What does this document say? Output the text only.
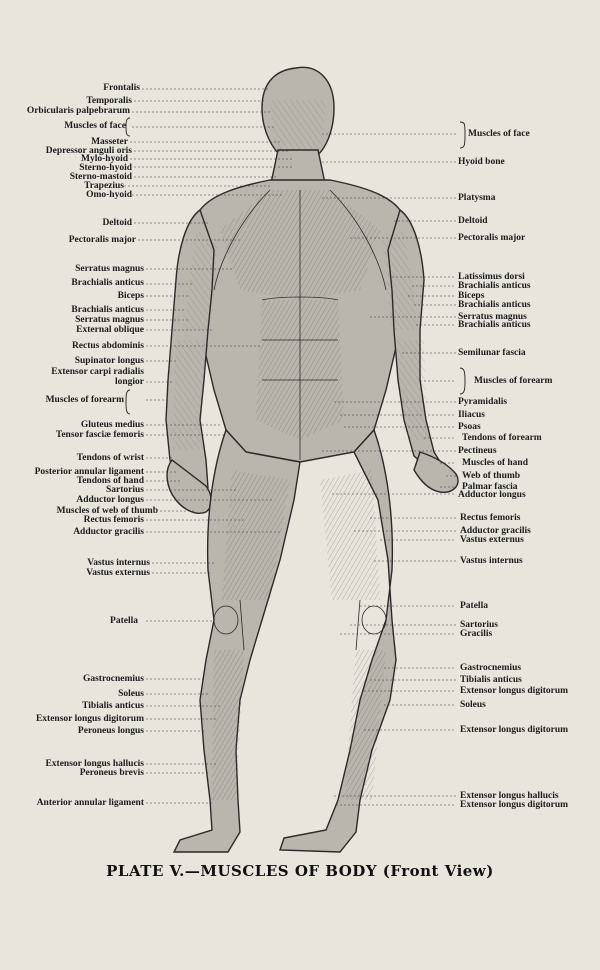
Frontalis
Temporalis
Orbicularis palpebrarum
Muscles of face
Masseter
Depressor anguli oris
Mylo-hyoid
Sterno-hyoid
Sterno-mastoid
Trapezius
Omo-hyoid
Deltoid
Pectoralis major
Serratus magnus
Brachialis anticus
Biceps
Brachialis anticus
Serratus magnus
External oblique
Rectus abdominis
Supinator longus
Extensor carpi radialis
longior
Muscles of forearm
Gluteus medius
Tensor fasciæ femoris
Tendons of wrist
Posterior annular ligament
Tendons of hand
Sartorius
Adductor longus
Muscles of web of thumb
Rectus femoris
Adductor gracilis
Vastus internus
Vastus externus
Patella
Gastrocnemius
Soleus
Tibialis anticus
Extensor longus digitorum
Peroneus longus
Extensor longus hallucis
Peroneus brevis
Anterior annular ligament
Muscles of face
Hyoid bone
Platysma
Deltoid
Pectoralis major
Latissimus dorsi
Brachialis anticus
Biceps
Brachialis anticus
Serratus magnus
Brachialis anticus
Semilunar fascia
Muscles of forearm
Pyramidalis
Iliacus
Psoas
Tendons of forearm
Pectineus
Muscles of hand
Web of thumb
Palmar fascia
Adductor longus
Rectus femoris
Adductor gracilis
Vastus externus
Vastus internus
Patella
Sartorius
Gracilis
Gastrocnemius
Tibialis anticus
Extensor longus digitorum
Soleus
Extensor longus digitorum
Extensor longus hallucis
Extensor longus digitorum
PLATE V.—MUSCLES OF BODY (Front View)
